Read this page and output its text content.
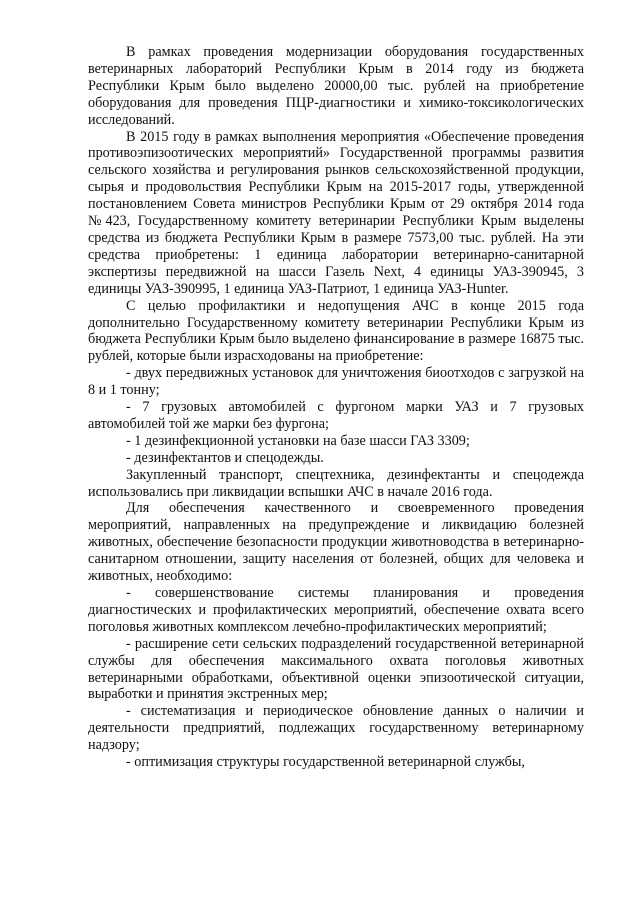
В рамках проведения модернизации оборудования государственных ветеринарных лабораторий Республики Крым в 2014 году из бюджета Республики Крым было выделено 20000,00 тыс. рублей на приобретение оборудования для проведения ПЦР-диагностики и химико-токсикологических исследований.

В 2015 году в рамках выполнения мероприятия «Обеспечение проведения противоэпизоотических мероприятий» Государственной программы развития сельского хозяйства и регулирования рынков сельскохозяйственной продукции, сырья и продовольствия Республики Крым на 2015-2017 годы, утвержденной постановлением Совета министров Республики Крым от 29 октября 2014 года №423, Государственному комитету ветеринарии Республики Крым выделены средства из бюджета Республики Крым в размере 7573,00 тыс. рублей. На эти средства приобретены: 1 единица лаборатории ветеринарно-санитарной экспертизы передвижной на шасси Газель Next, 4 единицы УАЗ-390945, 3 единицы УАЗ-390995, 1 единица УАЗ-Патриот, 1 единица УАЗ-Hunter.

С целью профилактики и недопущения АЧС в конце 2015 года дополнительно Государственному комитету ветеринарии Республики Крым из бюджета Республики Крым было выделено финансирование в размере 16875 тыс. рублей, которые были израсходованы на приобретение:

- двух передвижных установок для уничтожения биоотходов с загрузкой на 8 и 1 тонну;

- 7 грузовых автомобилей с фургоном марки УАЗ и 7 грузовых автомобилей той же марки без фургона;

- 1 дезинфекционной установки на базе шасси ГАЗ 3309;

- дезинфектантов и спецодежды.

Закупленный транспорт, спецтехника, дезинфектанты и спецодежда использовались при ликвидации вспышки АЧС в начале 2016 года.

Для обеспечения качественного и своевременного проведения мероприятий, направленных на предупреждение и ликвидацию болезней животных, обеспечение безопасности продукции животноводства в ветеринарно-санитарном отношении, защиту населения от болезней, общих для человека и животных, необходимо:

- совершенствование системы планирования и проведения диагностических и профилактических мероприятий, обеспечение охвата всего поголовья животных комплексом лечебно-профилактических мероприятий;

- расширение сети сельских подразделений государственной ветеринарной службы для обеспечения максимального охвата поголовья животных ветеринарными обработками, объективной оценки эпизоотической ситуации, выработки и принятия экстренных мер;

- систематизация и периодическое обновление данных о наличии и деятельности предприятий, подлежащих государственному ветеринарному надзору;

- оптимизация структуры государственной ветеринарной службы,
